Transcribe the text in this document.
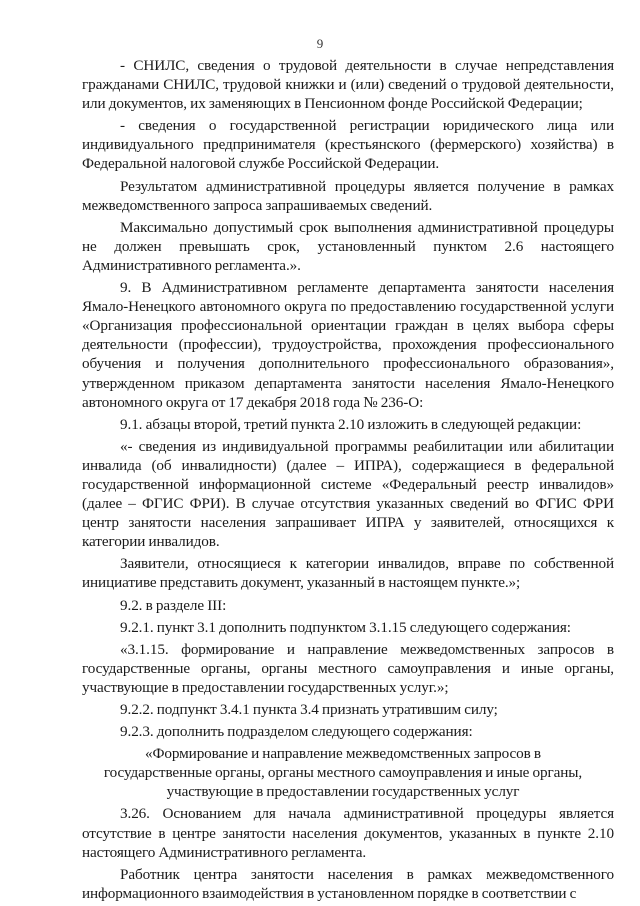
9

- СНИЛС, сведения о трудовой деятельности в случае непредставления гражданами СНИЛС, трудовой книжки и (или) сведений о трудовой деятельности, или документов, их заменяющих в Пенсионном фонде Российской Федерации;

- сведения о государственной регистрации юридического лица или индивидуального предпринимателя (крестьянского (фермерского) хозяйства) в Федеральной налоговой службе Российской Федерации.

Результатом административной процедуры является получение в рамках межведомственного запроса запрашиваемых сведений.

Максимально допустимый срок выполнения административной процедуры не должен превышать срок, установленный пунктом 2.6 настоящего Административного регламента.».

9. В Административном регламенте департамента занятости населения Ямало-Ненецкого автономного округа по предоставлению государственной услуги «Организация профессиональной ориентации граждан в целях выбора сферы деятельности (профессии), трудоустройства, прохождения профессионального обучения и получения дополнительного профессионального образования», утвержденном приказом департамента занятости населения Ямало-Ненецкого автономного округа от 17 декабря 2018 года № 236-О:

9.1. абзацы второй, третий пункта 2.10 изложить в следующей редакции:

«- сведения из индивидуальной программы реабилитации или абилитации инвалида (об инвалидности) (далее – ИПРА), содержащиеся в федеральной государственной информационной системе «Федеральный реестр инвалидов» (далее – ФГИС ФРИ). В случае отсутствия указанных сведений во ФГИС ФРИ центр занятости населения запрашивает ИПРА у заявителей, относящихся к категории инвалидов.

Заявители, относящиеся к категории инвалидов, вправе по собственной инициативе представить документ, указанный в настоящем пункте.»;

9.2. в разделе III:

9.2.1. пункт 3.1 дополнить подпунктом 3.1.15 следующего содержания:

«3.1.15. формирование и направление межведомственных запросов в государственные органы, органы местного самоуправления и иные органы, участвующие в предоставлении государственных услуг.»;

9.2.2. подпункт 3.4.1 пункта 3.4 признать утратившим силу;

9.2.3. дополнить подразделом следующего содержания:

«Формирование и направление межведомственных запросов в государственные органы, органы местного самоуправления и иные органы, участвующие в предоставлении государственных услуг

3.26. Основанием для начала административной процедуры является отсутствие в центре занятости населения документов, указанных в пункте 2.10 настоящего Административного регламента.

Работник центра занятости населения в рамках межведомственного информационного взаимодействия в установленном порядке в соответствии с
